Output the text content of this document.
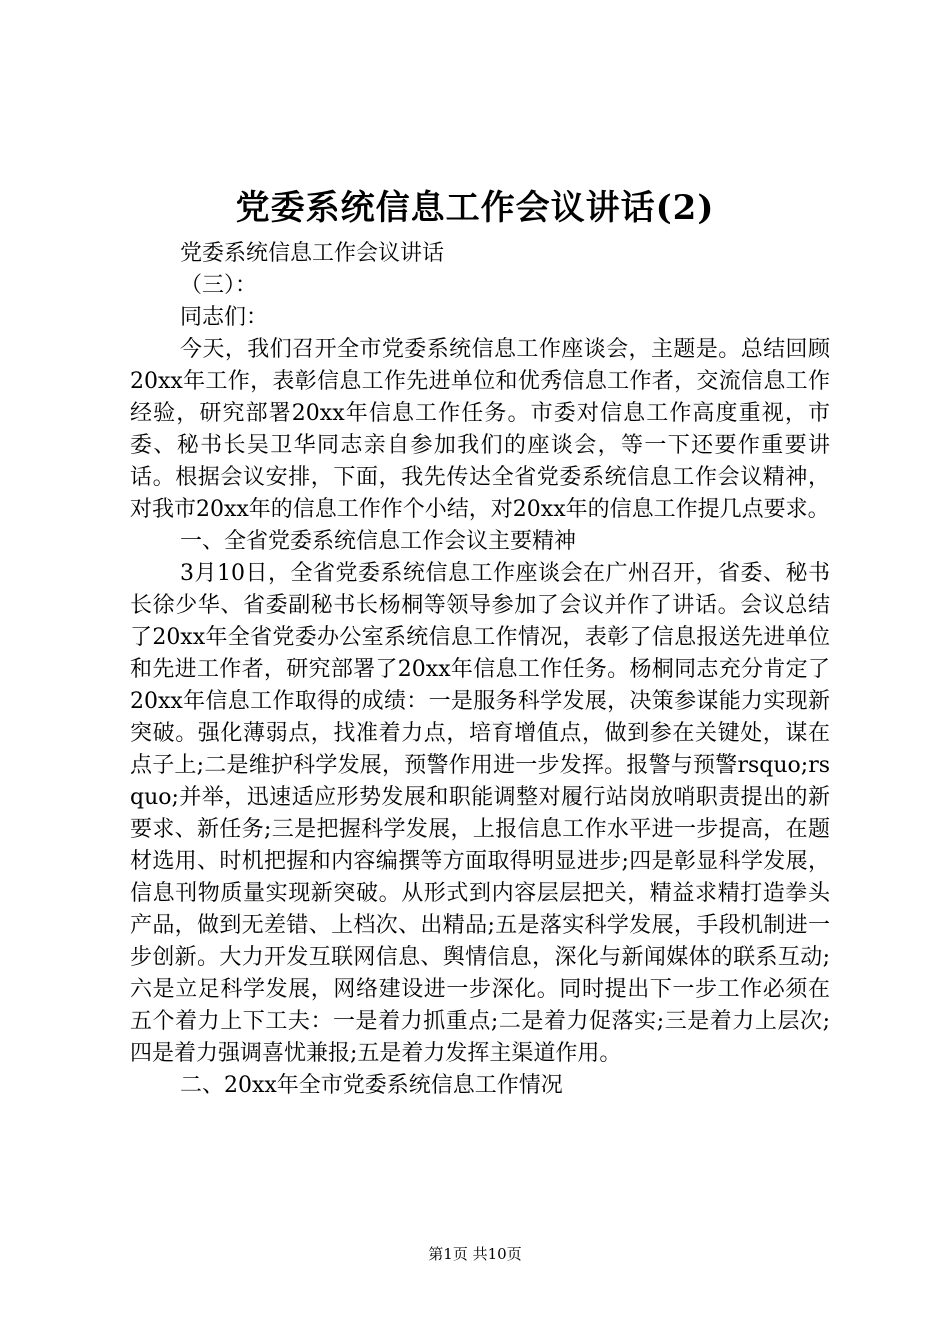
党委系统信息工作会议讲话(2)

党委系统信息工作会议讲话

（三）：

同志们：

今天，我们召开全市党委系统信息工作座谈会，主题是。总结回顾20xx年工作，表彰信息工作先进单位和优秀信息工作者，交流信息工作经验，研究部署20xx年信息工作任务。市委对信息工作高度重视，市委、秘书长吴卫华同志亲自参加我们的座谈会，等一下还要作重要讲话。根据会议安排，下面，我先传达全省党委系统信息工作会议精神，对我市20xx年的信息工作作个小结，对20xx年的信息工作提几点要求。

一、全省党委系统信息工作会议主要精神

3月10日，全省党委系统信息工作座谈会在广州召开，省委、秘书长徐少华、省委副秘书长杨桐等领导参加了会议并作了讲话。会议总结了20xx年全省党委办公室系统信息工作情况，表彰了信息报送先进单位和先进工作者，研究部署了20xx年信息工作任务。杨桐同志充分肯定了20xx年信息工作取得的成绩：一是服务科学发展，决策参谋能力实现新突破。强化薄弱点，找准着力点，培育增值点，做到参在关键处，谋在点子上;二是维护科学发展，预警作用进一步发挥。报警与预警rsquo;rsquo;并举，迅速适应形势发展和职能调整对履行站岗放哨职责提出的新要求、新任务;三是把握科学发展，上报信息工作水平进一步提高，在题材选用、时机把握和内容编撰等方面取得明显进步;四是彰显科学发展，信息刊物质量实现新突破。从形式到内容层层把关，精益求精打造拳头产品，做到无差错、上档次、出精品;五是落实科学发展，手段机制进一步创新。大力开发互联网信息、舆情信息，深化与新闻媒体的联系互动;六是立足科学发展，网络建设进一步深化。同时提出下一步工作必须在五个着力上下工夫：一是着力抓重点;二是着力促落实;三是着力上层次;四是着力强调喜忧兼报;五是着力发挥主渠道作用。

二、20xx年全市党委系统信息工作情况

第1页 共10页
